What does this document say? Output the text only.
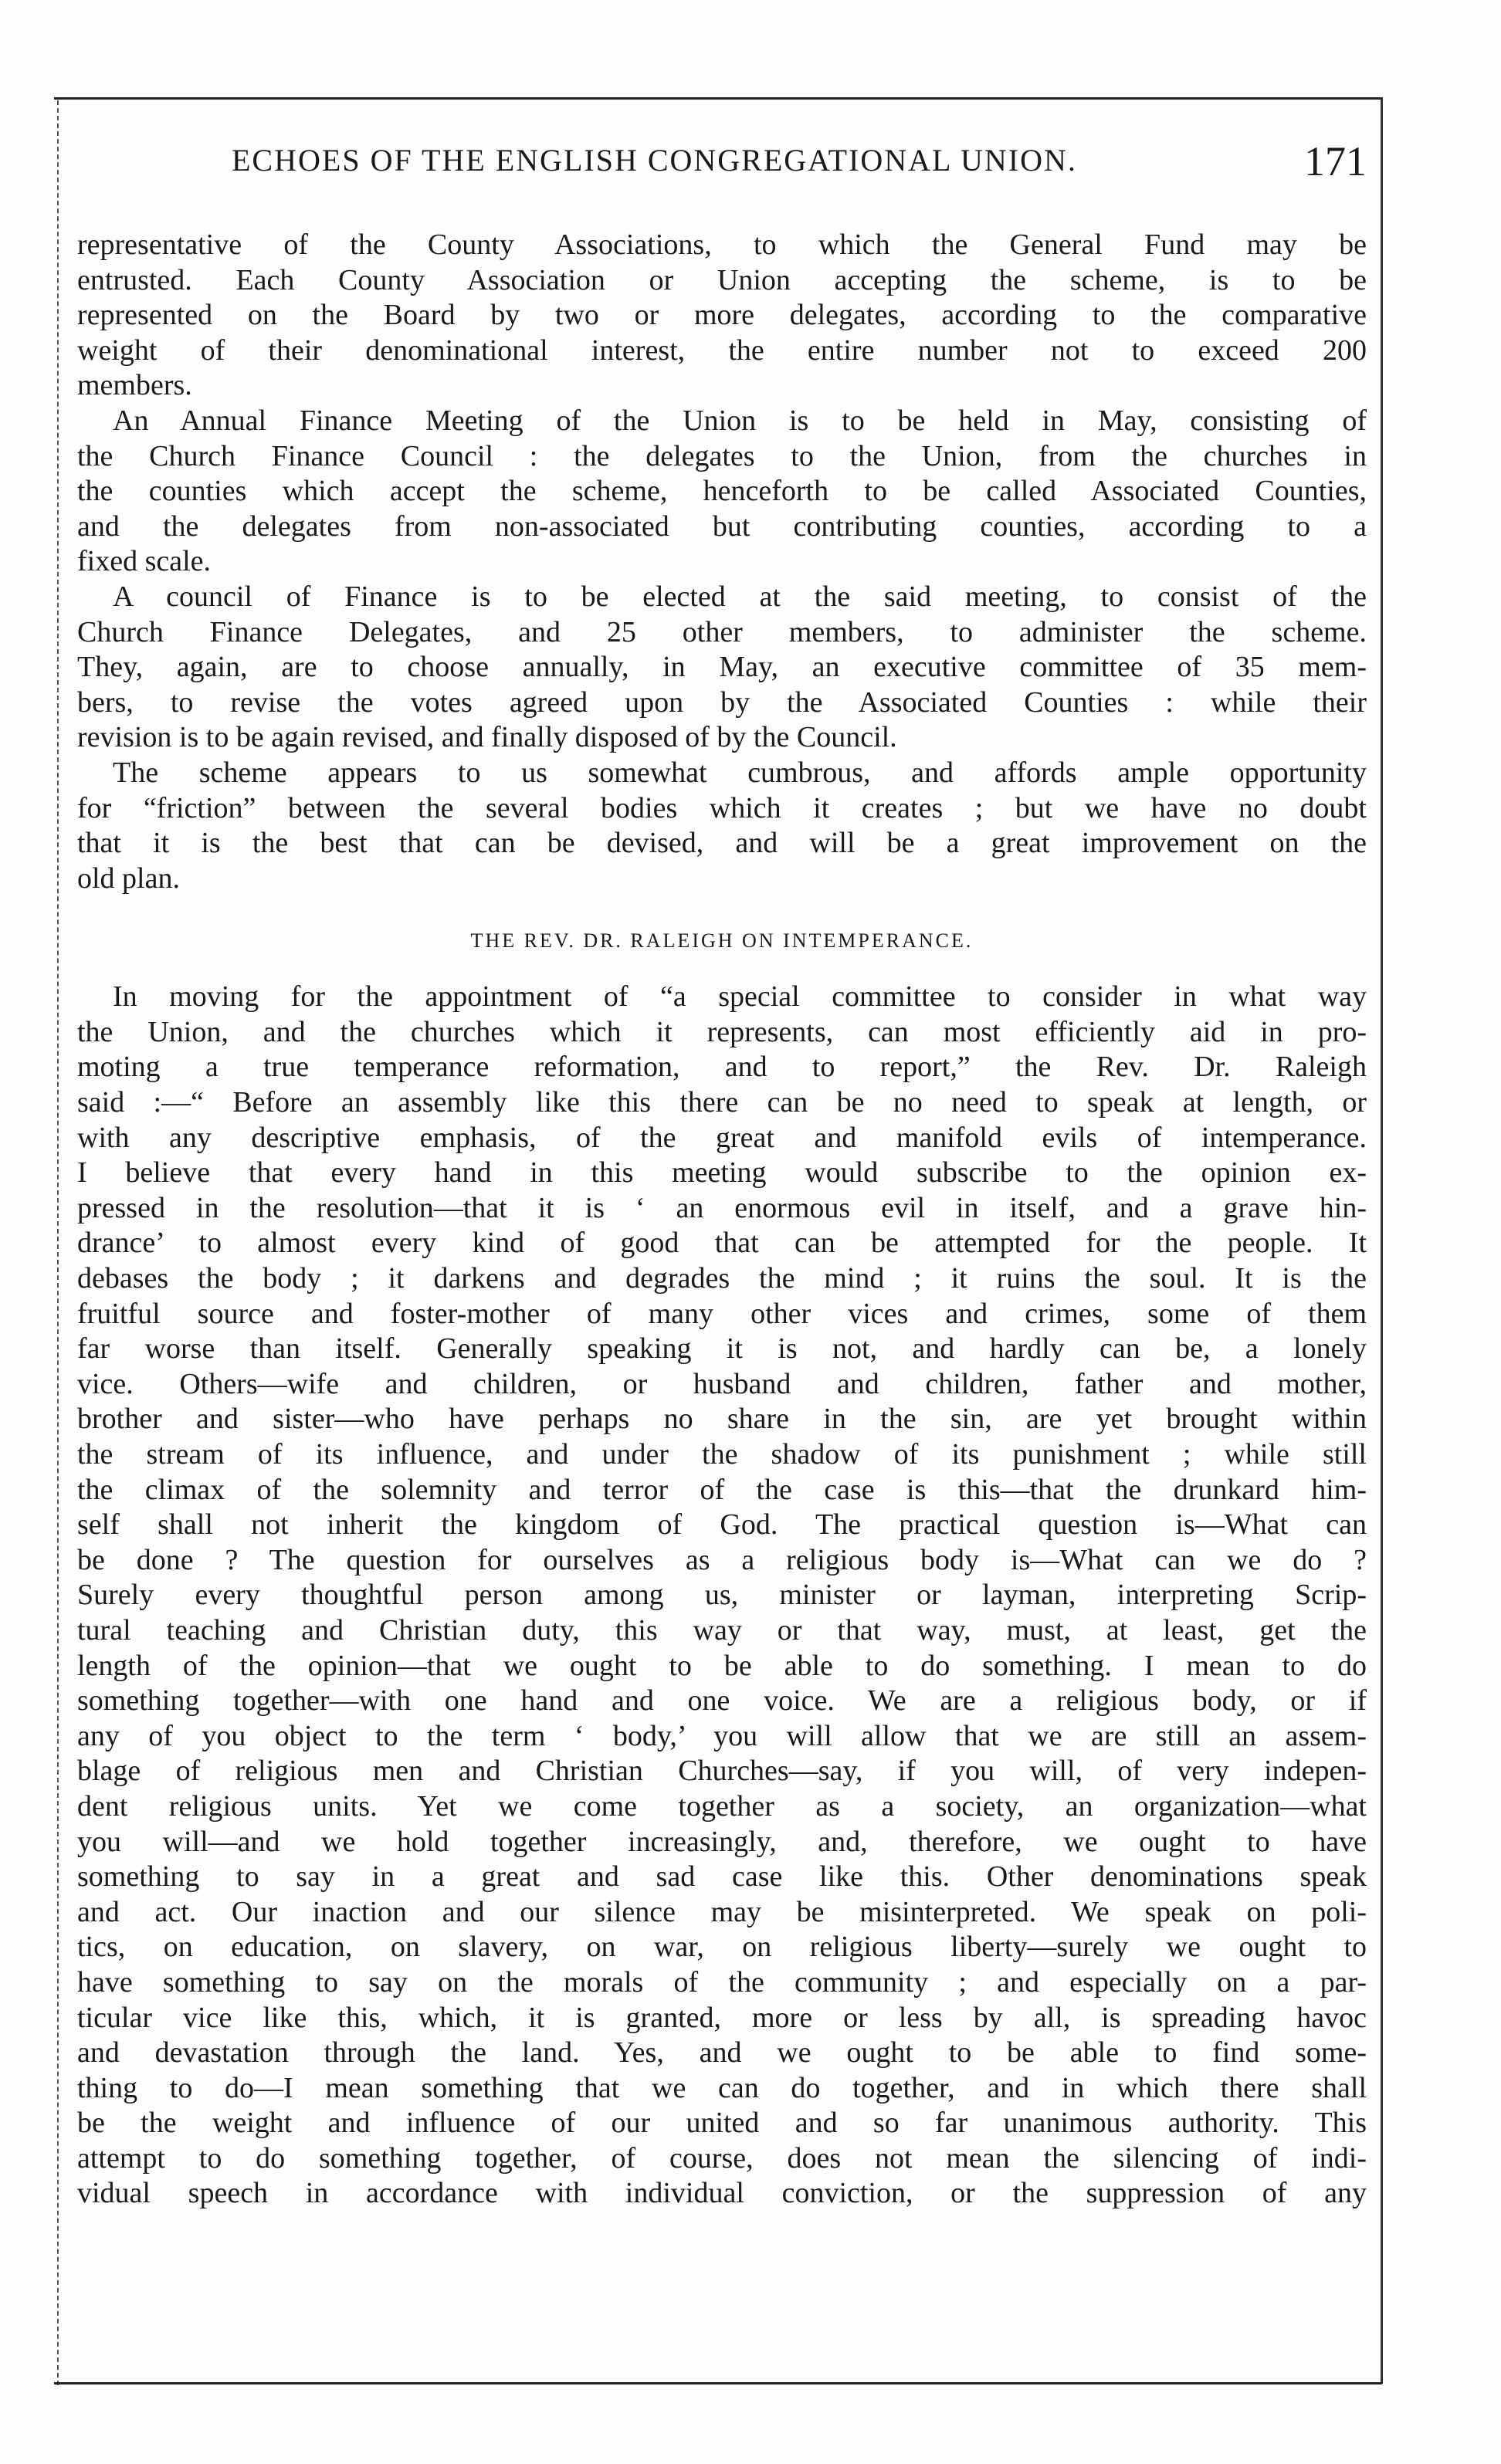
ECHOES OF THE ENGLISH CONGREGATIONAL UNION.	171
representative of the County Associations, to which the General Fund may be
entrusted. Each County Association or Union accepting the scheme, is to be
represented on the Board by two or more delegates, according to the comparative
weight of their denominational interest, the entire number not to exceed 200
members.
An Annual Finance Meeting of the Union is to be held in May, consisting of
the Church Finance Council : the delegates to the Union, from the churches in
the counties which accept the scheme, henceforth to be called Associated Counties,
and the delegates from non-associated but contributing counties, according to a
fixed scale.
A council of Finance is to be elected at the said meeting, to consist of the
Church Finance Delegates, and 25 other members, to administer the scheme.
They, again, are to choose annually, in May, an executive committee of 35 mem-
bers, to revise the votes agreed upon by the Associated Counties : while their
revision is to be again revised, and finally disposed of by the Council.
The scheme appears to us somewhat cumbrous, and affords ample opportunity
for “friction” between the several bodies which it creates ; but we have no doubt
that it is the best that can be devised, and will be a great improvement on the
old plan.
THE REV. DR. RALEIGH ON INTEMPERANCE.
In moving for the appointment of “a special committee to consider in what way
the Union, and the churches which it represents, can most efficiently aid in pro-
moting a true temperance reformation, and to report,” the Rev. Dr. Raleigh
said :—“ Before an assembly like this there can be no need to speak at length, or
with any descriptive emphasis, of the great and manifold evils of intemperance.
I believe that every hand in this meeting would subscribe to the opinion ex-
pressed in the resolution—that it is ‘ an enormous evil in itself, and a grave hin-
drance’ to almost every kind of good that can be attempted for the people. It
debases the body ; it darkens and degrades the mind ; it ruins the soul. It is the
fruitful source and foster-mother of many other vices and crimes, some of them
far worse than itself. Generally speaking it is not, and hardly can be, a lonely
vice. Others—wife and children, or husband and children, father and mother,
brother and sister—who have perhaps no share in the sin, are yet brought within
the stream of its influence, and under the shadow of its punishment ; while still
the climax of the solemnity and terror of the case is this—that the drunkard him-
self shall not inherit the kingdom of God. The practical question is—What can
be done ? The question for ourselves as a religious body is—What can we do ?
Surely every thoughtful person among us, minister or layman, interpreting Scrip-
tural teaching and Christian duty, this way or that way, must, at least, get the
length of the opinion—that we ought to be able to do something. I mean to do
something together—with one hand and one voice. We are a religious body, or if
any of you object to the term ‘ body,’ you will allow that we are still an assem-
blage of religious men and Christian Churches—say, if you will, of very indepen-
dent religious units. Yet we come together as a society, an organization—what
you will—and we hold together increasingly, and, therefore, we ought to have
something to say in a great and sad case like this. Other denominations speak
and act. Our inaction and our silence may be misinterpreted. We speak on poli-
tics, on education, on slavery, on war, on religious liberty—surely we ought to
have something to say on the morals of the community ; and especially on a par-
ticular vice like this, which, it is granted, more or less by all, is spreading havoc
and devastation through the land. Yes, and we ought to be able to find some-
thing to do—I mean something that we can do together, and in which there shall
be the weight and influence of our united and so far unanimous authority. This
attempt to do something together, of course, does not mean the silencing of indi-
vidual speech in accordance with individual conviction, or the suppression of any
